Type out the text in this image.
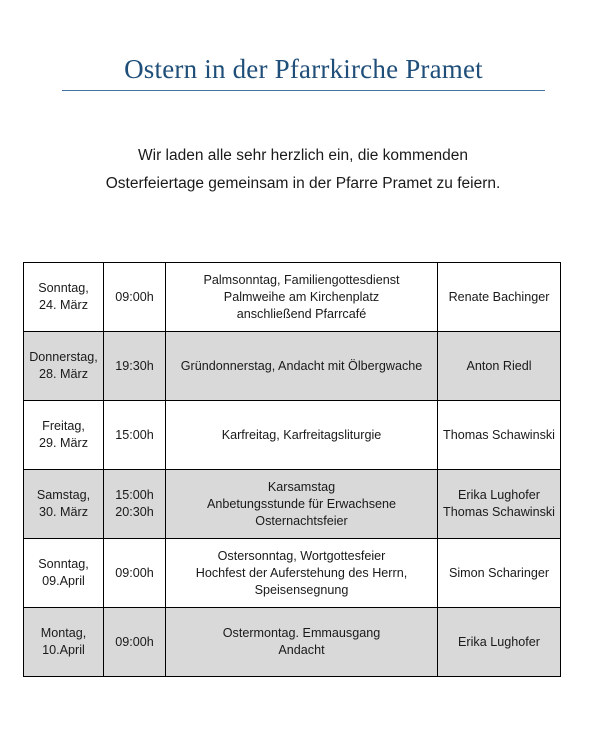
Ostern in der Pfarrkirche Pramet
Wir laden alle sehr herzlich ein, die kommenden
Osterfeiertage gemeinsam in der Pfarre Pramet zu feiern.
Sonntag,
24. März	09:00h	Palmsonntag, Familiengottesdienst
Palmweihe am Kirchenplatz
anschließend Pfarrcafé	Renate Bachinger

Donnerstag,
28. März	19:30h	Gründonnerstag, Andacht mit Ölbergwache	Anton Riedl

Freitag,
29. März	15:00h	Karfreitag, Karfreitagsliturgie	Thomas Schawinski

Samstag,
30. März	15:00h
20:30h	Karsamstag
Anbetungsstunde für Erwachsene
Osternachtsfeier	Erika Lughofer
Thomas Schawinski

Sonntag,
09.April	09:00h	Ostersonntag, Wortgottesfeier
Hochfest der Auferstehung des Herrn,
Speisensegnung	Simon Scharinger

Montag,
10.April	09:00h	Ostermontag. Emmausgang
Andacht	Erika Lughofer
